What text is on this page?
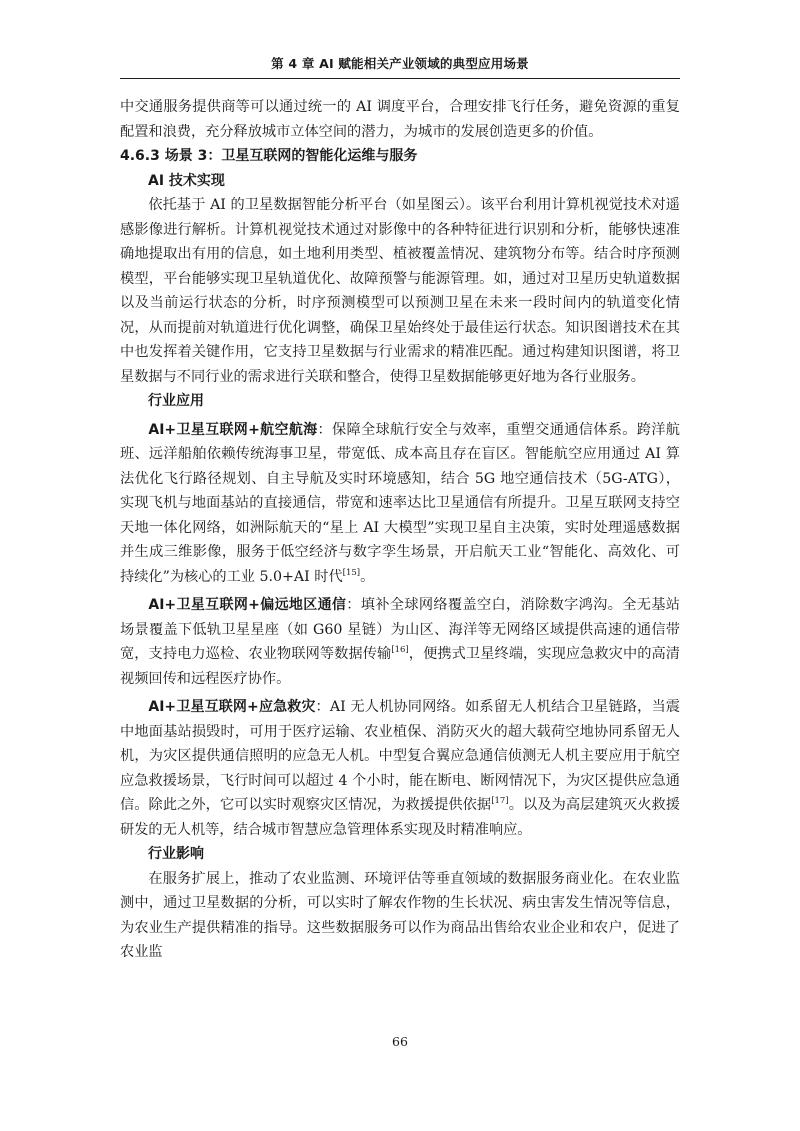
第 4 章 AI 赋能相关产业领域的典型应用场景

中交通服务提供商等可以通过统一的 AI 调度平台，合理安排飞行任务，避免资源的重复配置和浪费，充分释放城市立体空间的潜力，为城市的发展创造更多的价值。

4.6.3 场景 3：卫星互联网的智能化运维与服务

AI 技术实现

依托基于 AI 的卫星数据智能分析平台（如星图云）。该平台利用计算机视觉技术对遥感影像进行解析。计算机视觉技术通过对影像中的各种特征进行识别和分析，能够快速准确地提取出有用的信息，如土地利用类型、植被覆盖情况、建筑物分布等。结合时序预测模型，平台能够实现卫星轨道优化、故障预警与能源管理。如，通过对卫星历史轨道数据以及当前运行状态的分析，时序预测模型可以预测卫星在未来一段时间内的轨道变化情况，从而提前对轨道进行优化调整，确保卫星始终处于最佳运行状态。知识图谱技术在其中也发挥着关键作用，它支持卫星数据与行业需求的精准匹配。通过构建知识图谱，将卫星数据与不同行业的需求进行关联和整合，使得卫星数据能够更好地为各行业服务。

行业应用

AI+卫星互联网+航空航海：保障全球航行安全与效率，重塑交通通信体系。跨洋航班、远洋船舶依赖传统海事卫星，带宽低、成本高且存在盲区。智能航空应用通过 AI 算法优化飞行路径规划、自主导航及实时环境感知，结合 5G 地空通信技术（5G-ATG），实现飞机与地面基站的直接通信，带宽和速率达比卫星通信有所提升。卫星互联网支持空天地一体化网络，如洲际航天的“星上 AI 大模型”实现卫星自主决策，实时处理遥感数据并生成三维影像，服务于低空经济与数字孪生场景，开启航天工业“智能化、高效化、可持续化”为核心的工业 5.0+AI 时代[15]。

AI+卫星互联网+偏远地区通信：填补全球网络覆盖空白，消除数字鸿沟。全无基站场景覆盖下低轨卫星星座（如 G60 星链）为山区、海洋等无网络区域提供高速的通信带宽，支持电力巡检、农业物联网等数据传输[16]，便携式卫星终端，实现应急救灾中的高清视频回传和远程医疗协作。

AI+卫星互联网+应急救灾：AI 无人机协同网络。如系留无人机结合卫星链路，当震中地面基站损毁时，可用于医疗运输、农业植保、消防灭火的超大载荷空地协同系留无人机，为灾区提供通信照明的应急无人机。中型复合翼应急通信侦测无人机主要应用于航空应急救援场景，飞行时间可以超过 4 个小时，能在断电、断网情况下，为灾区提供应急通信。除此之外，它可以实时观察灾区情况，为救援提供依据[17]。以及为高层建筑灭火救援研发的无人机等，结合城市智慧应急管理体系实现及时精准响应。

行业影响

在服务扩展上，推动了农业监测、环境评估等垂直领域的数据服务商业化。在农业监测中，通过卫星数据的分析，可以实时了解农作物的生长状况、病虫害发生情况等信息，为农业生产提供精准的指导。这些数据服务可以作为商品出售给农业企业和农户，促进了农业监

66
